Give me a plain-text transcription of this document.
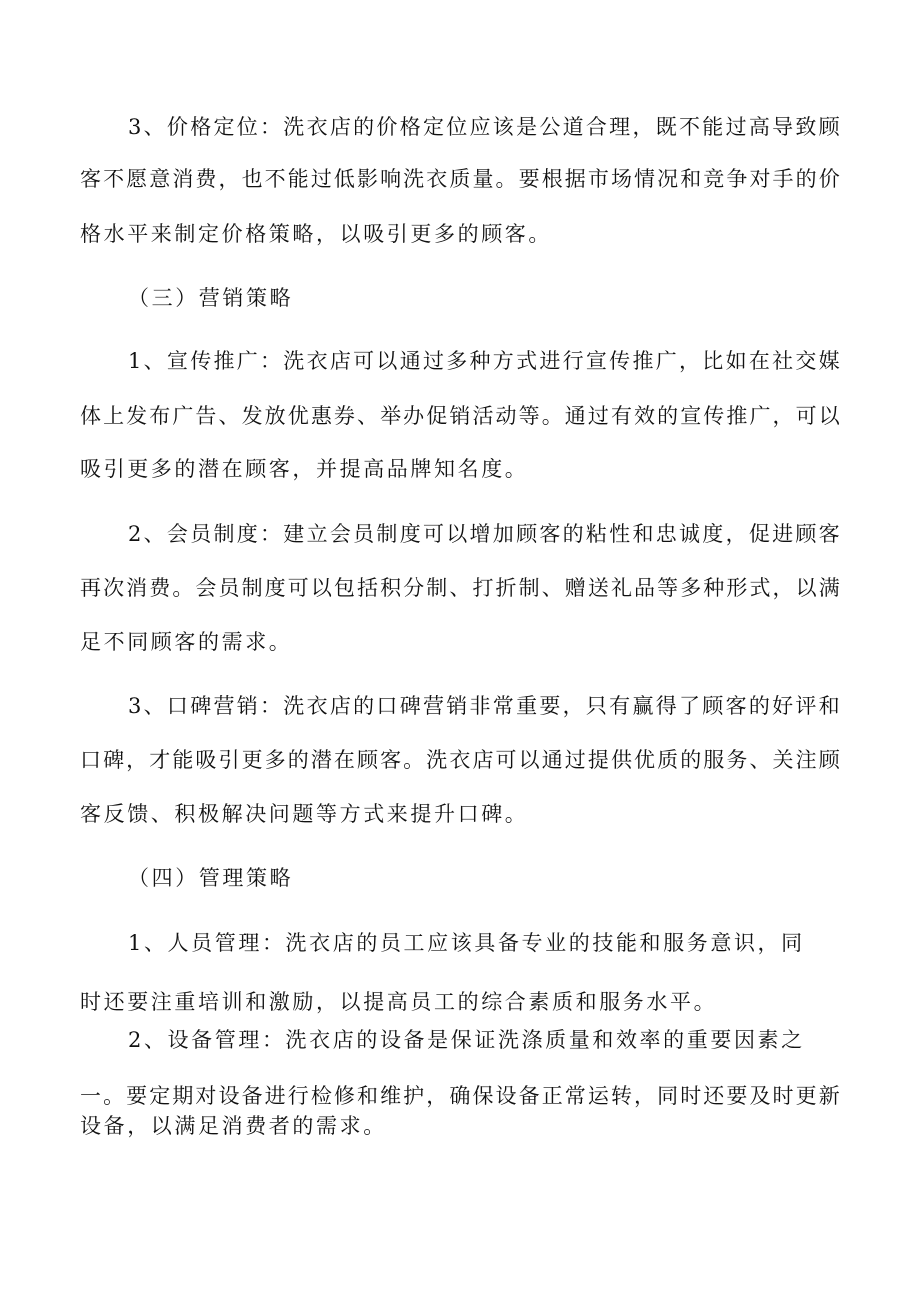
3、价格定位：洗衣店的价格定位应该是公道合理，既不能过高导致顾
客不愿意消费，也不能过低影响洗衣质量。要根据市场情况和竞争对手的价
格水平来制定价格策略，以吸引更多的顾客。
（三）营销策略
1、宣传推广：洗衣店可以通过多种方式进行宣传推广，比如在社交媒
体上发布广告、发放优惠券、举办促销活动等。通过有效的宣传推广，可以
吸引更多的潜在顾客，并提高品牌知名度。
2、会员制度：建立会员制度可以增加顾客的粘性和忠诚度，促进顾客
再次消费。会员制度可以包括积分制、打折制、赠送礼品等多种形式，以满
足不同顾客的需求。
3、口碑营销：洗衣店的口碑营销非常重要，只有赢得了顾客的好评和
口碑，才能吸引更多的潜在顾客。洗衣店可以通过提供优质的服务、关注顾
客反馈、积极解决问题等方式来提升口碑。
（四）管理策略
1、人员管理：洗衣店的员工应该具备专业的技能和服务意识，同
时还要注重培训和激励，以提高员工的综合素质和服务水平。
2、设备管理：洗衣店的设备是保证洗涤质量和效率的重要因素之
一。要定期对设备进行检修和维护，确保设备正常运转，同时还要及时更新
设备，以满足消费者的需求。
